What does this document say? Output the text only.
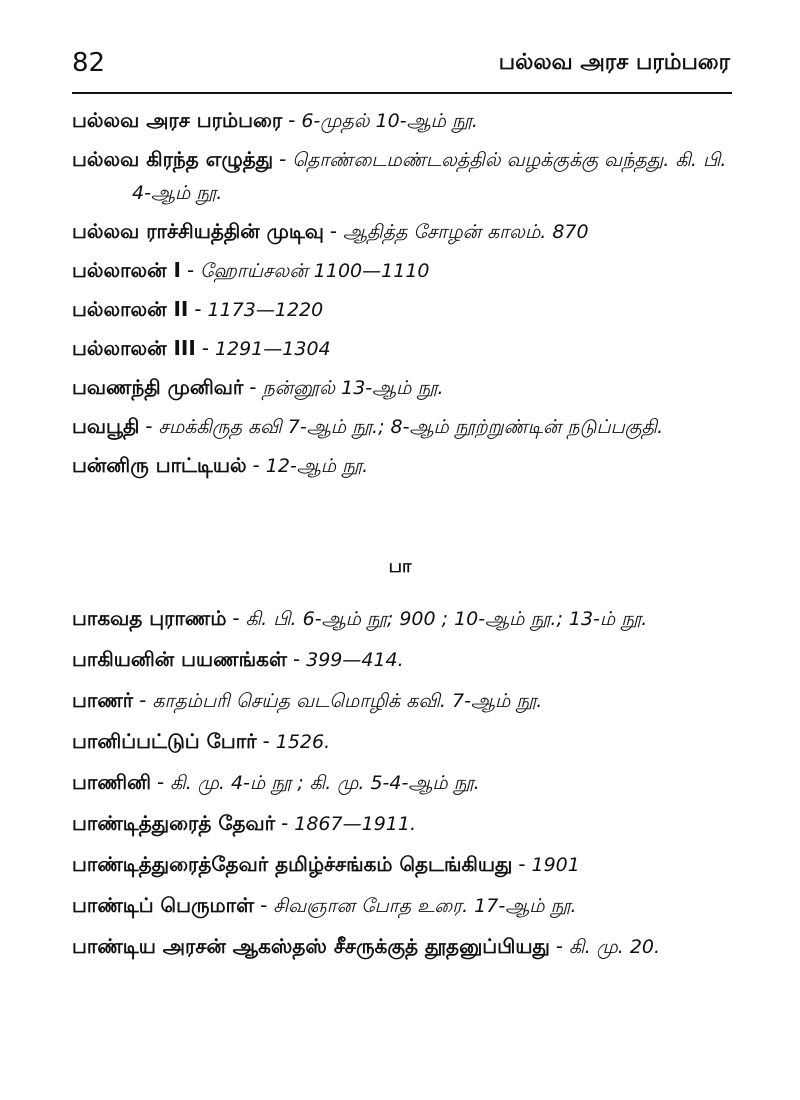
82	பல்லவ அரச பரம்பரை

பல்லவ அரச பரம்பரை - 6-முதல் 10-ஆம் நூ.

பல்லவ கிரந்த எழுத்து - தொண்டைமண்டலத்தில் வழக்குக்கு வந்தது. கி. பி. 4-ஆம் நூ.

பல்லவ ராச்சியத்தின் முடிவு - ஆதித்த சோழன் காலம். 870

பல்லாலன் I - ஹோய்சலன் 1100—1110

பல்லாலன் II - 1173—1220

பல்லாலன் III - 1291—1304

பவணந்தி முனிவர் - நன்னூல் 13-ஆம் நூ.

பவபூதி - சமக்கிருத கவி 7-ஆம் நூ.; 8-ஆம் நூற்றுண்டின் நடுப்பகுதி.

பன்னிரு பாட்டியல் - 12-ஆம் நூ.

பா

பாகவத புராணம் - கி. பி. 6-ஆம் நூ; 900 ; 10-ஆம் நூ.; 13-ம் நூ.

பாகியனின் பயணங்கள் - 399—414.

பாணர் - காதம்பரி செய்த வடமொழிக் கவி. 7-ஆம் நூ.

பானிப்பட்டுப் போர் - 1526.

பாணினி - கி. மு. 4-ம் நூ ; கி. மு. 5-4-ஆம் நூ.

பாண்டித்துரைத் தேவர் - 1867—1911.

பாண்டித்துரைத்தேவர் தமிழ்ச்சங்கம் தெடங்கியது - 1901

பாண்டிப் பெருமாள் - சிவஞான போத உரை. 17-ஆம் நூ.

பாண்டிய அரசன் ஆகஸ்தஸ் சீசருக்குத் தூதனுப்பியது - கி. மு. 20.
